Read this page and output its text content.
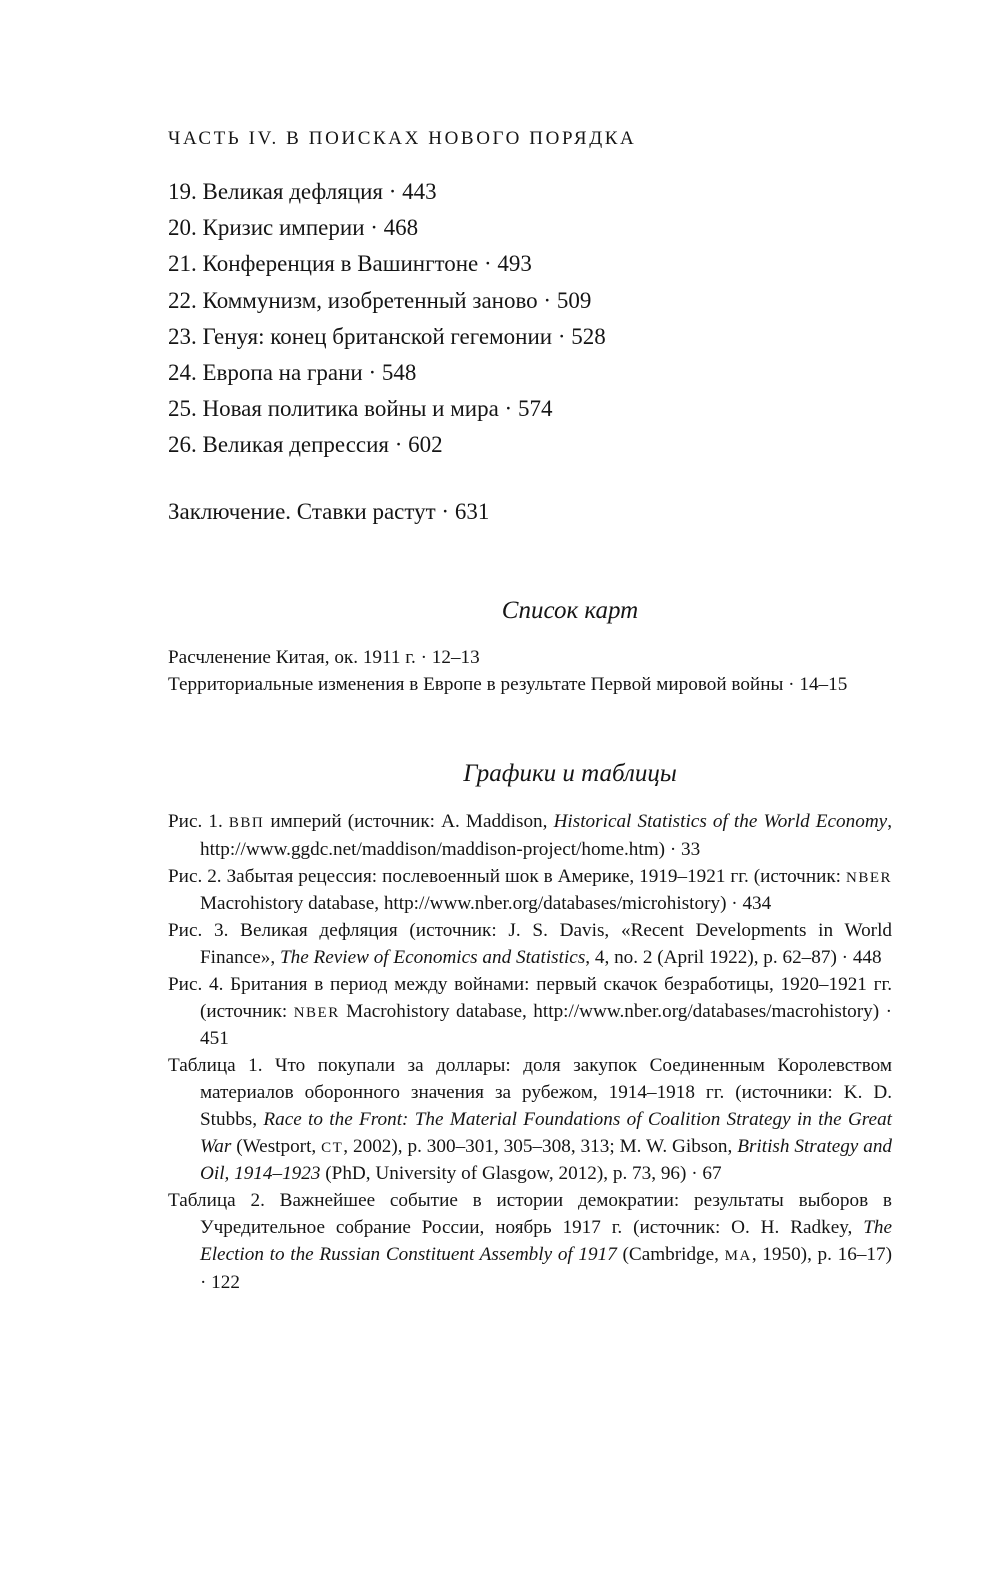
ЧАСТЬ IV. В ПОИСКАХ НОВОГО ПОРЯДКА
19. Великая дефляция · 443
20. Кризис империи · 468
21. Конференция в Вашингтоне · 493
22. Коммунизм, изобретенный заново · 509
23. Генуя: конец британской гегемонии · 528
24. Европа на грани · 548
25. Новая политика войны и мира · 574
26. Великая депрессия · 602
Заключение. Ставки растут · 631
Список карт
Расчленение Китая, ок. 1911 г. · 12–13
Территориальные изменения в Европе в результате Первой мировой войны · 14–15
Графики и таблицы
Рис. 1. ВВП империй (источник: A. Maddison, Historical Statistics of the World Economy, http://www.ggdc.net/maddison/maddison-project/home.htm) · 33
Рис. 2. Забытая рецессия: послевоенный шок в Америке, 1919–1921 гг. (источник: NBER Macrohistory database, http://www.nber.org/databases/microhistory) · 434
Рис. 3. Великая дефляция (источник: J. S. Davis, «Recent Developments in World Finance», The Review of Economics and Statistics, 4, no. 2 (April 1922), p. 62–87) · 448
Рис. 4. Британия в период между войнами: первый скачок безработицы, 1920–1921 гг. (источник: NBER Macrohistory database, http://www.nber.org/databases/macrohistory) · 451
Таблица 1. Что покупали за доллары: доля закупок Соединенным Королевством материалов оборонного значения за рубежом, 1914–1918 гг. (источники: K. D. Stubbs, Race to the Front: The Material Foundations of Coalition Strategy in the Great War (Westport, CT, 2002), p. 300–301, 305–308, 313; M. W. Gibson, British Strategy and Oil, 1914–1923 (PhD, University of Glasgow, 2012), p. 73, 96) · 67
Таблица 2. Важнейшее событие в истории демократии: результаты выборов в Учредительное собрание России, ноябрь 1917 г. (источник: O. H. Radkey, The Election to the Russian Constituent Assembly of 1917 (Cambridge, MA, 1950), p. 16–17) · 122
